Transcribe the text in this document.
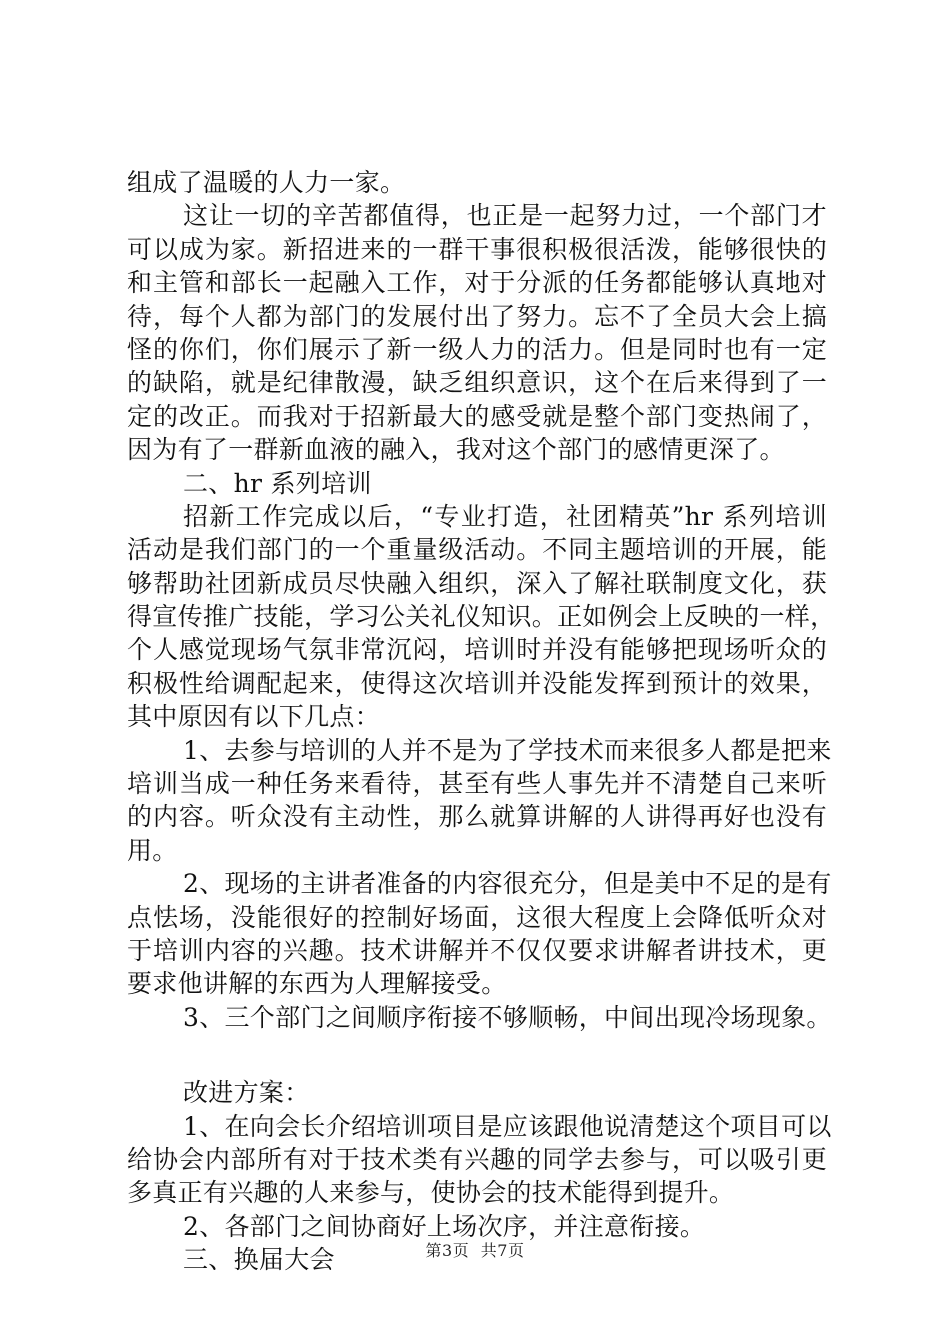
组成了温暖的人力一家。
这让一切的辛苦都值得，也正是一起努力过，一个部门才
可以成为家。新招进来的一群干事很积极很活泼，能够很快的
和主管和部长一起融入工作，对于分派的任务都能够认真地对
待，每个人都为部门的发展付出了努力。忘不了全员大会上搞
怪的你们，你们展示了新一级人力的活力。但是同时也有一定
的缺陷，就是纪律散漫，缺乏组织意识，这个在后来得到了一
定的改正。而我对于招新最大的感受就是整个部门变热闹了，
因为有了一群新血液的融入，我对这个部门的感情更深了。
二、hr 系列培训
招新工作完成以后，“专业打造，社团精英”hr 系列培训
活动是我们部门的一个重量级活动。不同主题培训的开展，能
够帮助社团新成员尽快融入组织，深入了解社联制度文化，获
得宣传推广技能，学习公关礼仪知识。正如例会上反映的一样，
个人感觉现场气氛非常沉闷，培训时并没有能够把现场听众的
积极性给调配起来，使得这次培训并没能发挥到预计的效果，
其中原因有以下几点：
1、去参与培训的人并不是为了学技术而来很多人都是把来
培训当成一种任务来看待，甚至有些人事先并不清楚自己来听
的内容。听众没有主动性，那么就算讲解的人讲得再好也没有
用。
2、现场的主讲者准备的内容很充分，但是美中不足的是有
点怯场，没能很好的控制好场面，这很大程度上会降低听众对
于培训内容的兴趣。技术讲解并不仅仅要求讲解者讲技术，更
要求他讲解的东西为人理解接受。
3、三个部门之间顺序衔接不够顺畅，中间出现冷场现象。
改进方案：
1、在向会长介绍培训项目是应该跟他说清楚这个项目可以
给协会内部所有对于技术类有兴趣的同学去参与，可以吸引更
多真正有兴趣的人来参与，使协会的技术能得到提升。
2、各部门之间协商好上场次序，并注意衔接。
三、换届大会	第3页 共7页
